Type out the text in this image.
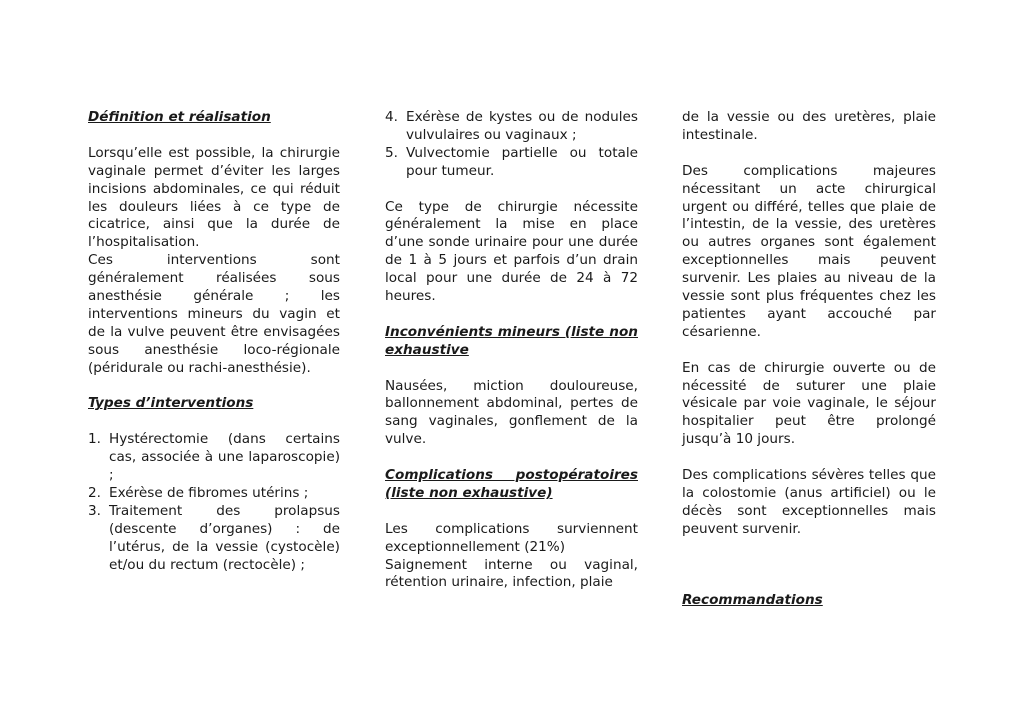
Définition et réalisation

Lorsqu’elle est possible, la chirurgie vaginale permet d’éviter les larges incisions abdominales, ce qui réduit les douleurs liées à ce type de cicatrice, ainsi que la durée de l’hospitalisation.

Ces interventions sont généralement réalisées sous anesthésie générale ; les interventions mineurs du vagin et de la vulve peuvent être envisagées sous anesthésie loco-régionale (péridurale ou rachi-anesthésie).

Types d’interventions
1. Hystérectomie (dans certains cas, associée à une laparoscopie) ;
2. Exérèse de fibromes utérins ;
3. Traitement des prolapsus (descente d’organes) : de l’utérus, de la vessie (cystocèle) et/ou du rectum (rectocèle) ;
4. Exérèse de kystes ou de nodules vulvulaires ou vaginaux ;
5. Vulvectomie partielle ou totale pour tumeur.

Ce type de chirurgie nécessite généralement la mise en place d’une sonde urinaire pour une durée de 1 à 5 jours et parfois d’un drain local pour une durée de 24 à 72 heures.

Inconvénients mineurs (liste non exhaustive

Nausées, miction douloureuse, ballonnement abdominal, pertes de sang vaginales, gonflement de la vulve.

Complications postopératoires (liste non exhaustive)

Les complications surviennent exceptionnellement (21%)

Saignement interne ou vaginal, rétention urinaire, infection, plaie

de la vessie ou des uretères, plaie intestinale.

Des complications majeures nécessitant un acte chirurgical urgent ou différé, telles que plaie de l’intestin, de la vessie, des uretères ou autres organes sont également exceptionnelles mais peuvent survenir. Les plaies au niveau de la vessie sont plus fréquentes chez les patientes ayant accouché par césarienne.

En cas de chirurgie ouverte ou de nécessité de suturer une plaie vésicale par voie vaginale, le séjour hospitalier peut être prolongé jusqu’à 10 jours.

Des complications sévères telles que la colostomie (anus artificiel) ou le décès sont exceptionnelles mais peuvent survenir.

Recommandations
